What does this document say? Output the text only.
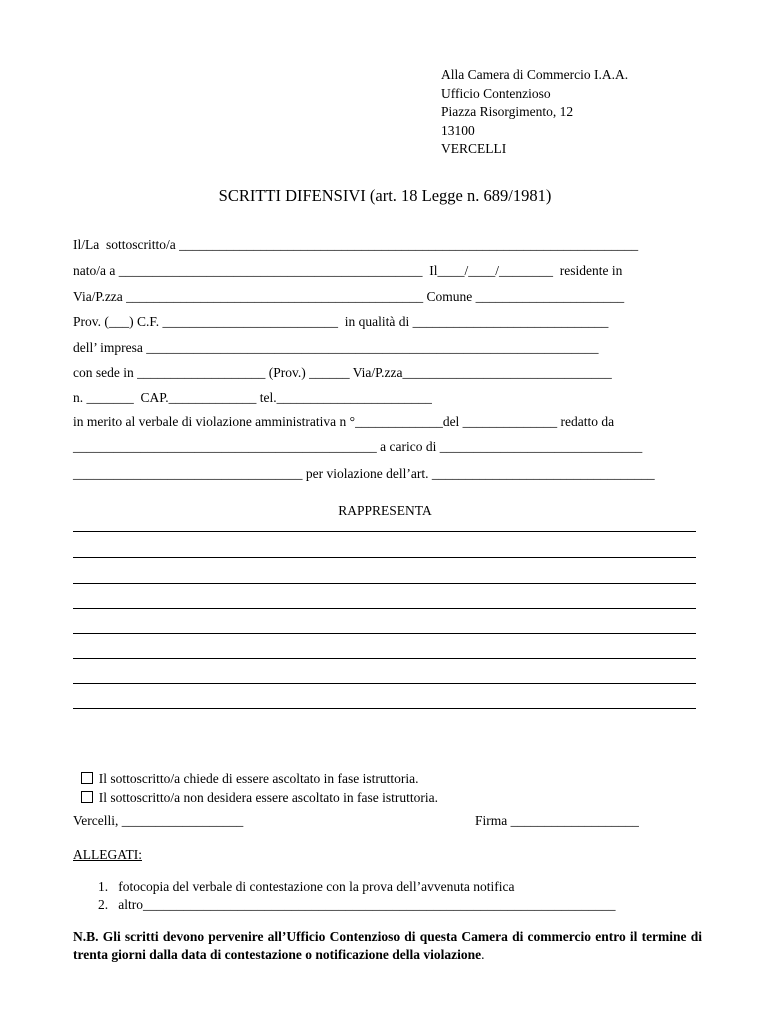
Alla Camera di Commercio I.A.A.
Ufficio Contenzioso
Piazza Risorgimento, 12
13100
VERCELLI
SCRITTI DIFENSIVI (art. 18 Legge n. 689/1981)
Il/La  sottoscritto/a ____________________________________________________________________
nato/a a _____________________________________________  Il____/____/________  residente in
Via/P.zza ____________________________________________ Comune ______________________
Prov. (___) C.F. __________________________  in qualità di _____________________________
dell’ impresa ___________________________________________________________________
con sede in ___________________ (Prov.) ______ Via/P.zza_______________________________
n. _______  CAP._____________ tel._______________________
in merito al verbale di violazione amministrativa n °_____________del ______________ redatto da
_____________________________________________ a carico di ______________________________
__________________________________ per violazione dell’art. _________________________________
RAPPRESENTA

Il sottoscritto/a chiede di essere ascoltato in fase istruttoria.

Il sottoscritto/a non desidera essere ascoltato in fase istruttoria.

Vercelli, __________________	Firma ___________________
ALLEGATI:
1.   fotocopia del verbale di contestazione con la prova dell’avvenuta notifica
2.   altro______________________________________________________________________
N.B. Gli scritti devono pervenire all’Ufficio Contenzioso di questa Camera di commercio entro il termine di trenta giorni dalla data di contestazione o notificazione della violazione.
